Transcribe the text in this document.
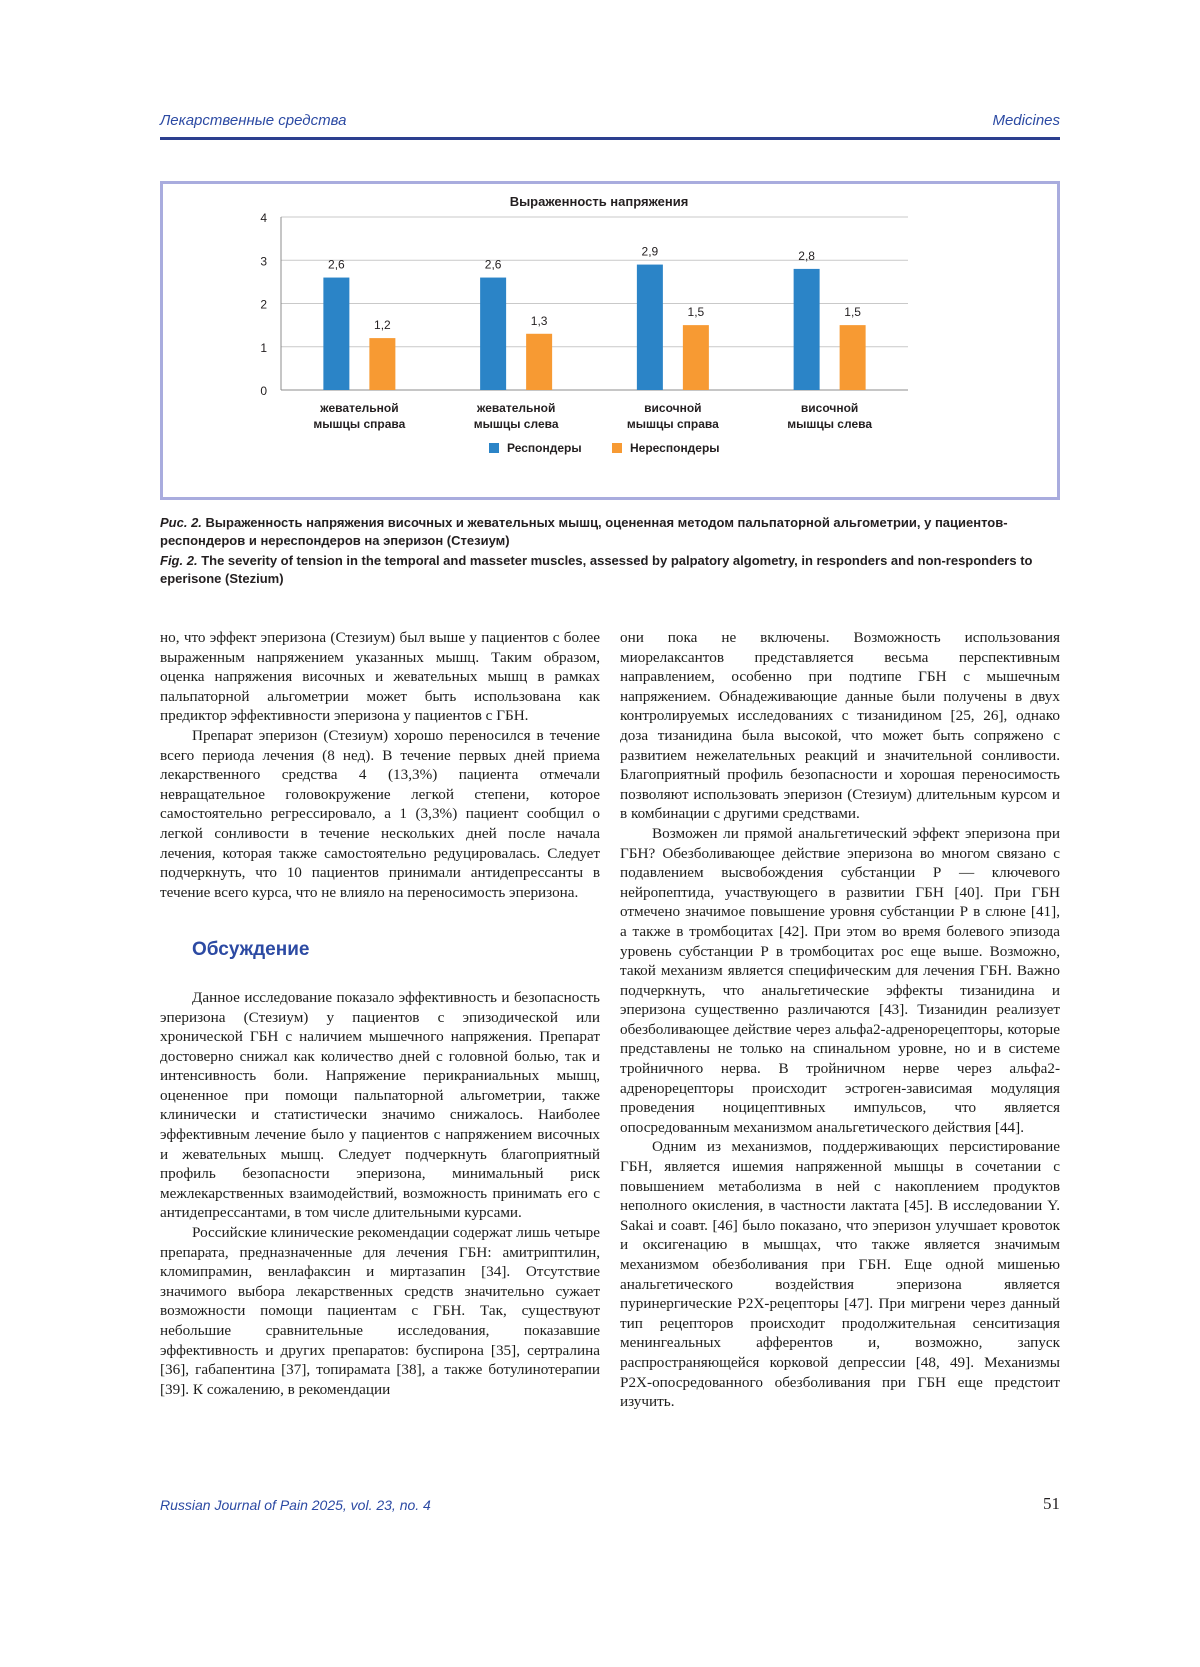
Лекарственные средства	Medicines
Выраженность напряжения
0
1
2
3
4
2,6
1,2
2,6
1,3
2,9
1,5
2,8
1,5
жевательной
мышцы справа
жевательной
мышцы слева
височной
мышцы справа
височной
мышцы слева
Респондеры	Нереспондеры
Рис. 2. Выраженность напряжения височных и жевательных мышц, оцененная методом пальпаторной альгометрии, у пациентов-респондеров и нереспондеров на эперизон (Стезиум)
Fig. 2. The severity of tension in the temporal and masseter muscles, assessed by palpatory algometry, in responders and non-responders to eperisone (Stezium)

но, что эффект эперизона (Стезиум) был выше у пациентов с более выраженным напряжением указанных мышц. Таким образом, оценка напряжения височных и жевательных мышц в рамках пальпаторной альгометрии может быть использована как предиктор эффективности эперизона у пациентов с ГБН.

Препарат эперизон (Стезиум) хорошо переносился в течение всего периода лечения (8 нед). В течение первых дней приема лекарственного средства 4 (13,3%) пациента отмечали невращательное головокружение легкой степени, которое самостоятельно регрессировало, а 1 (3,3%) пациент сообщил о легкой сонливости в течение нескольких дней после начала лечения, которая также самостоятельно редуцировалась. Следует подчеркнуть, что 10 пациентов принимали антидепрессанты в течение всего курса, что не влияло на переносимость эперизона.

Обсуждение

Данное исследование показало эффективность и безопасность эперизона (Стезиум) у пациентов с эпизодической или хронической ГБН с наличием мышечного напряжения. Препарат достоверно снижал как количество дней с головной болью, так и интенсивность боли. Напряжение перикраниальных мышц, оцененное при помощи пальпаторной альгометрии, также клинически и статистически значимо снижалось. Наиболее эффективным лечение было у пациентов с напряжением височных и жевательных мышц. Следует подчеркнуть благоприятный профиль безопасности эперизона, минимальный риск межлекарственных взаимодействий, возможность принимать его с антидепрессантами, в том числе длительными курсами.

Российские клинические рекомендации содержат лишь четыре препарата, предназначенные для лечения ГБН: амитриптилин, кломипрамин, венлафаксин и миртазапин [34]. Отсутствие значимого выбора лекарственных средств значительно сужает возможности помощи пациентам с ГБН. Так, существуют небольшие сравнительные исследования, показавшие эффективность и других препаратов: буспирона [35], сертралина [36], габапентина [37], топирамата [38], а также ботулинотерапии [39]. К сожалению, в рекомендации

они пока не включены. Возможность использования миорелаксантов представляется весьма перспективным направлением, особенно при подтипе ГБН с мышечным напряжением. Обнадеживающие данные были получены в двух контролируемых исследованиях с тизанидином [25, 26], однако доза тизанидина была высокой, что может быть сопряжено с развитием нежелательных реакций и значительной сонливости. Благоприятный профиль безопасности и хорошая переносимость позволяют использовать эперизон (Стезиум) длительным курсом и в комбинации с другими средствами.

Возможен ли прямой анальгетический эффект эперизона при ГБН? Обезболивающее действие эперизона во многом связано с подавлением высвобождения субстанции Р — ключевого нейропептида, участвующего в развитии ГБН [40]. При ГБН отмечено значимое повышение уровня субстанции Р в слюне [41], а также в тромбоцитах [42]. При этом во время болевого эпизода уровень субстанции Р в тромбоцитах рос еще выше. Возможно, такой механизм является специфическим для лечения ГБН. Важно подчеркнуть, что анальгетические эффекты тизанидина и эперизона существенно различаются [43]. Тизанидин реализует обезболивающее действие через альфа2-адренорецепторы, которые представлены не только на спинальном уровне, но и в системе тройничного нерва. В тройничном нерве через альфа2-адренорецепторы происходит эстроген-зависимая модуляция проведения ноцицептивных импульсов, что является опосредованным механизмом анальгетического действия [44].

Одним из механизмов, поддерживающих персистирование ГБН, является ишемия напряженной мышцы в сочетании с повышением метаболизма в ней с накоплением продуктов неполного окисления, в частности лактата [45]. В исследовании Y. Sakai и соавт. [46] было показано, что эперизон улучшает кровоток и оксигенацию в мышцах, что также является значимым механизмом обезболивания при ГБН. Еще одной мишенью анальгетического воздействия эперизона является пуринергические Р2Х-рецепторы [47]. При мигрени через данный тип рецепторов происходит продолжительная сенситизация менингеальных афферентов и, возможно, запуск распространяющейся корковой депрессии [48, 49]. Механизмы Р2Х-опосредованного обезболивания при ГБН еще предстоит изучить.

Russian Journal of Pain 2025, vol. 23, no. 4	51
